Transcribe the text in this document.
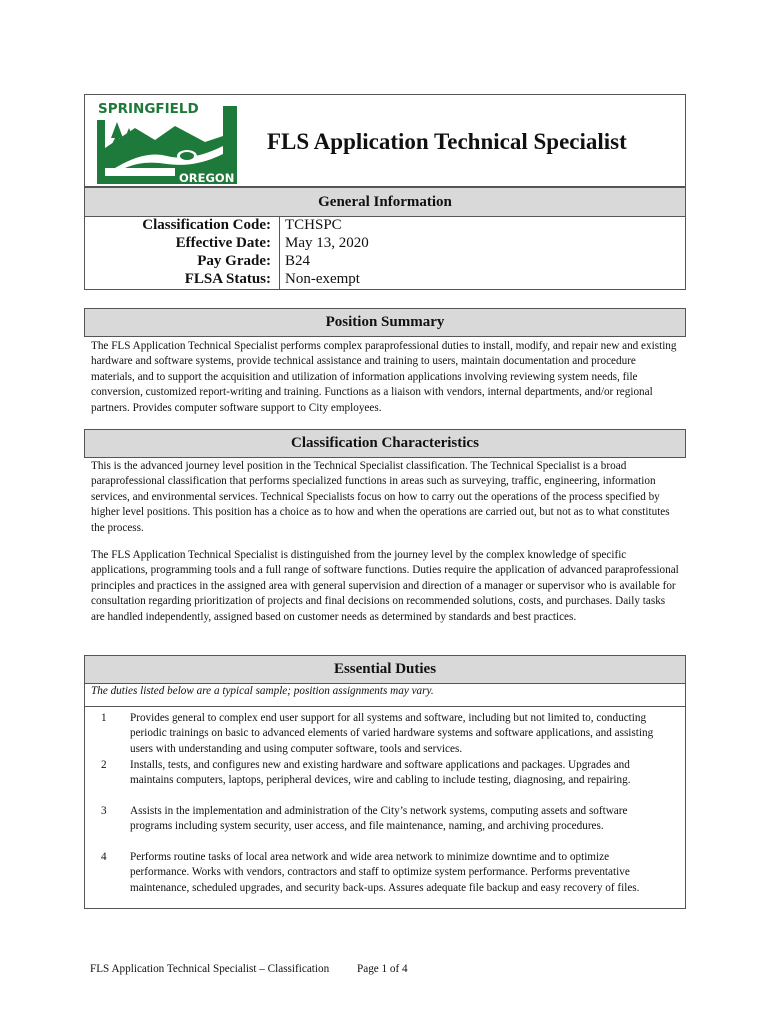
SPRINGFIELD
OREGON
FLS Application Technical Specialist
General Information
Classification Code: TCHSPC
Effective Date: May 13, 2020
Pay Grade: B24
FLSA Status: Non-exempt
Position Summary
The FLS Application Technical Specialist performs complex paraprofessional duties to install, modify, and repair new and existing hardware and software systems, provide technical assistance and training to users, maintain documentation and procedure materials, and to support the acquisition and utilization of information applications involving reviewing system needs, file conversion, customized report-writing and training. Functions as a liaison with vendors, internal departments, and/or regional partners. Provides computer software support to City employees.
Classification Characteristics
This is the advanced journey level position in the Technical Specialist classification. The Technical Specialist is a broad paraprofessional classification that performs specialized functions in areas such as surveying, traffic, engineering, information services, and environmental services. Technical Specialists focus on how to carry out the operations of the process specified by higher level positions. This position has a choice as to how and when the operations are carried out, but not as to what constitutes the process.
The FLS Application Technical Specialist is distinguished from the journey level by the complex knowledge of specific applications, programming tools and a full range of software functions. Duties require the application of advanced paraprofessional principles and practices in the assigned area with general supervision and direction of a manager or supervisor who is available for consultation regarding prioritization of projects and final decisions on recommended solutions, costs, and purchases. Daily tasks are handled independently, assigned based on customer needs as determined by standards and best practices.
Essential Duties
The duties listed below are a typical sample; position assignments may vary.
1 Provides general to complex end user support for all systems and software, including but not limited to, conducting periodic trainings on basic to advanced elements of varied hardware systems and software applications, and assisting users with understanding and using computer software, tools and services.
2 Installs, tests, and configures new and existing hardware and software applications and packages. Upgrades and maintains computers, laptops, peripheral devices, wire and cabling to include testing, diagnosing, and repairing.
3 Assists in the implementation and administration of the City’s network systems, computing assets and software programs including system security, user access, and file maintenance, naming, and archiving procedures.
4 Performs routine tasks of local area network and wide area network to minimize downtime and to optimize performance. Works with vendors, contractors and staff to optimize system performance. Performs preventative maintenance, scheduled upgrades, and security back-ups. Assures adequate file backup and easy recovery of files.
FLS Application Technical Specialist – Classification Page 1 of 4
